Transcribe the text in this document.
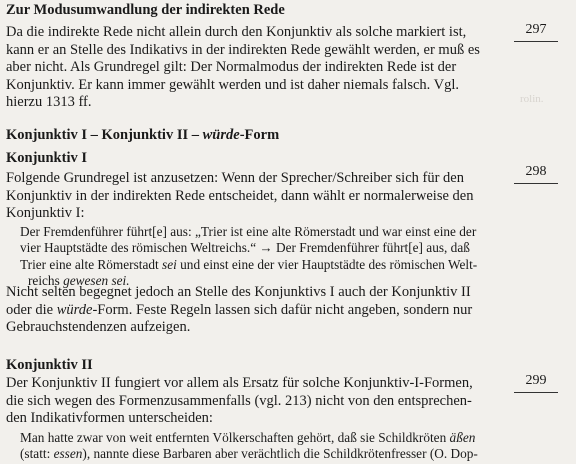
Zur Modusumwandlung der indirekten Rede
297
Da die indirekte Rede nicht allein durch den Konjunktiv als solche markiert ist,
kann er an Stelle des Indikativs in der indirekten Rede gewählt werden, er muß es
aber nicht. Als Grundregel gilt: Der Normalmodus der indirekten Rede ist der
Konjunktiv. Er kann immer gewählt werden und ist daher niemals falsch. Vgl.
hierzu 1313 ff.
Konjunktiv I – Konjunktiv II – würde-Form
Konjunktiv I
298
Folgende Grundregel ist anzusetzen: Wenn der Sprecher/Schreiber sich für den
Konjunktiv in der indirekten Rede entscheidet, dann wählt er normalerweise den
Konjunktiv I:
Der Fremdenführer führt[e] aus: „Trier ist eine alte Römerstadt und war einst eine der
vier Hauptstädte des römischen Weltreichs.“ → Der Fremdenführer führt[e] aus, daß
Trier eine alte Römerstadt sei und einst eine der vier Hauptstädte des römischen Welt-
reichs gewesen sei.
Nicht selten begegnet jedoch an Stelle des Konjunktivs I auch der Konjunktiv II
oder die würde-Form. Feste Regeln lassen sich dafür nicht angeben, sondern nur
Gebrauchstendenzen aufzeigen.
Konjunktiv II
299
Der Konjunktiv II fungiert vor allem als Ersatz für solche Konjunktiv-I-Formen,
die sich wegen des Formenzusammenfalls (vgl. 213) nicht von den entsprechen-
den Indikativformen unterscheiden:
Man hatte zwar von weit entfernten Völkerschaften gehört, daß sie Schildkröten äßen
(statt: essen), nannte diese Barbaren aber verächtlich die Schildkrötenfresser (O. Dop-
rolin.
